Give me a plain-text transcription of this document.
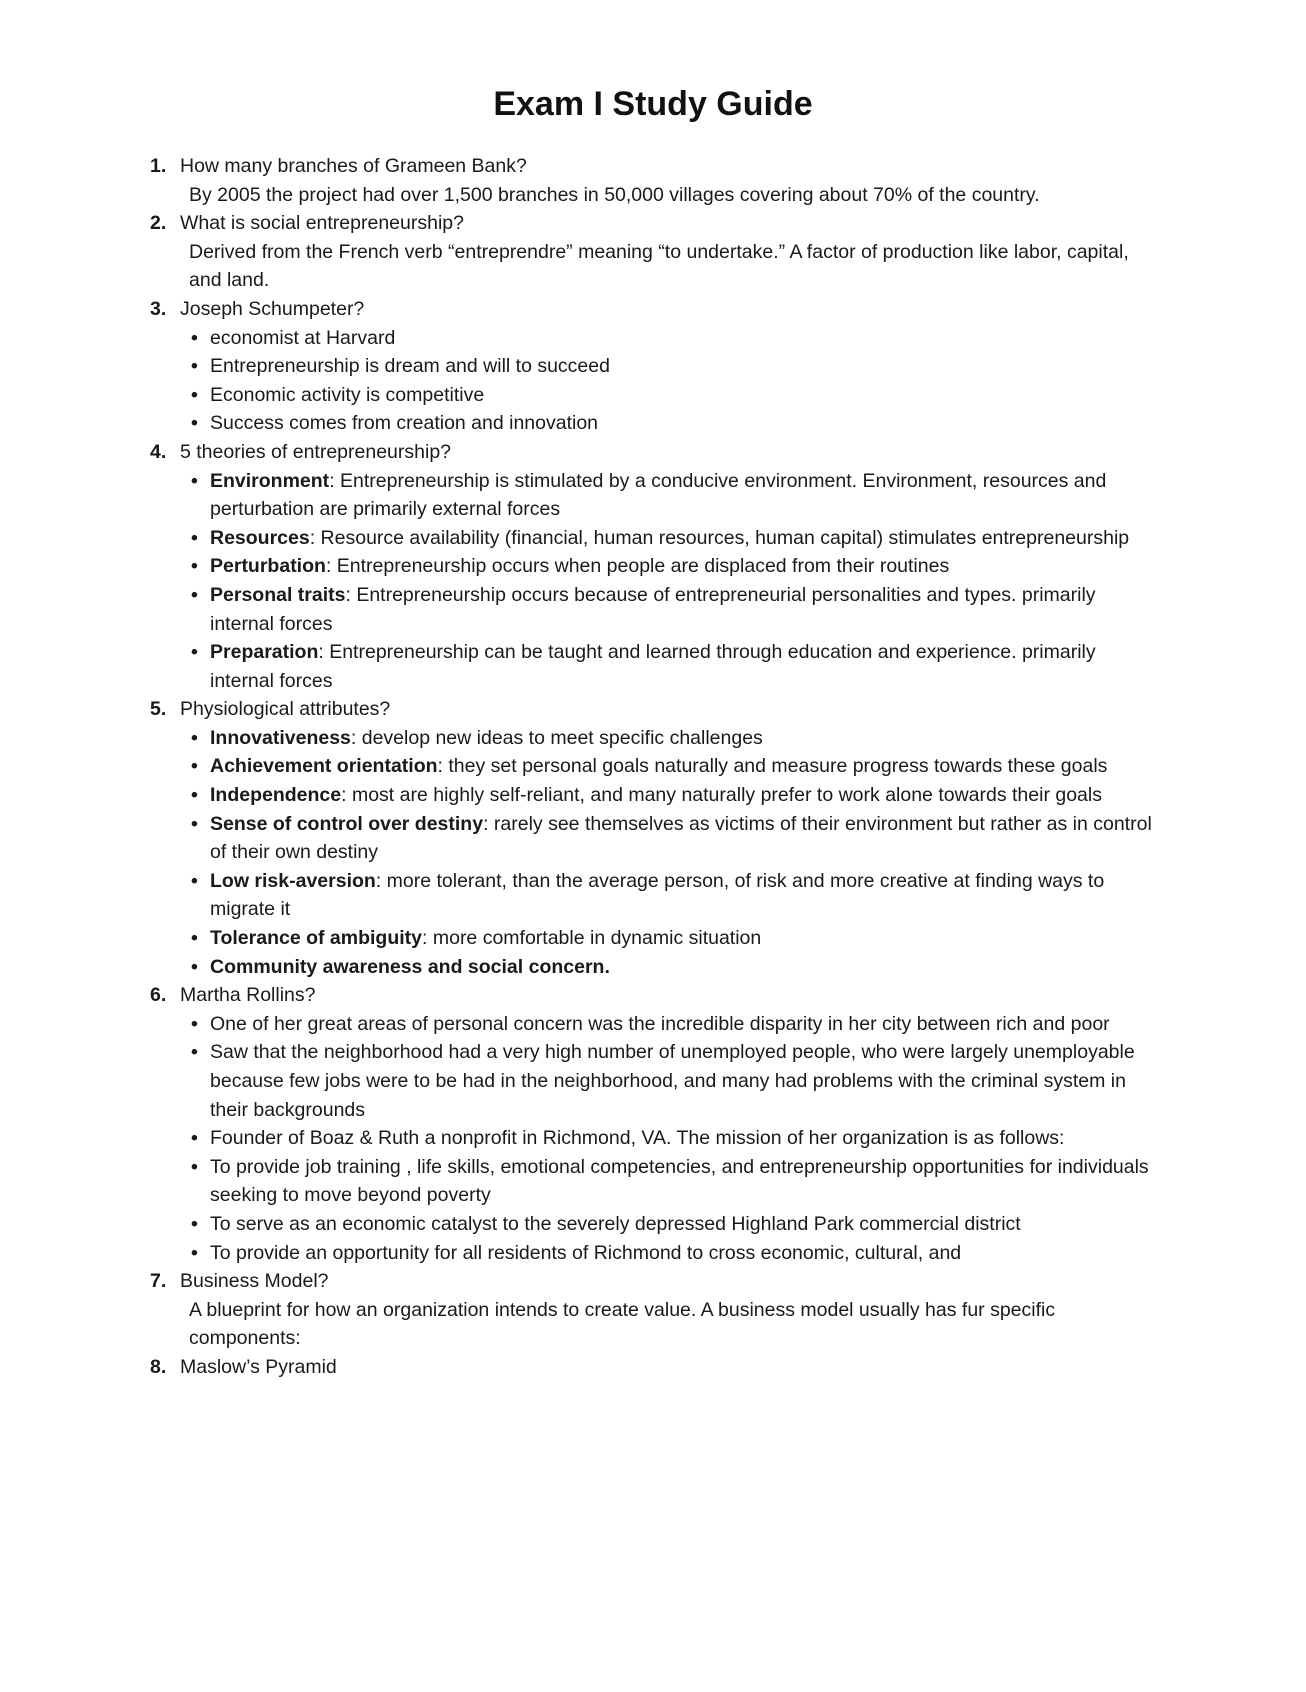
Exam I Study Guide
1. How many branches of Grameen Bank?
By 2005 the project had over 1,500 branches in 50,000 villages covering about 70% of the country.
2. What is social entrepreneurship?
Derived from the French verb “entreprendre” meaning “to undertake.” A factor of production like labor, capital, and land.
3. Joseph Schumpeter?
• economist at Harvard
• Entrepreneurship is dream and will to succeed
• Economic activity is competitive
• Success comes from creation and innovation
4. 5 theories of entrepreneurship?
• Environment: Entrepreneurship is stimulated by a conducive environment. Environment, resources and perturbation are primarily external forces
• Resources: Resource availability (financial, human resources, human capital) stimulates entrepreneurship
• Perturbation: Entrepreneurship occurs when people are displaced from their routines
• Personal traits: Entrepreneurship occurs because of entrepreneurial personalities and types. primarily internal forces
• Preparation: Entrepreneurship can be taught and learned through education and experience. primarily internal forces
5. Physiological attributes?
• Innovativeness: develop new ideas to meet specific challenges
• Achievement orientation: they set personal goals naturally and measure progress towards these goals
• Independence: most are highly self-reliant, and many naturally prefer to work alone towards their goals
• Sense of control over destiny: rarely see themselves as victims of their environment but rather as in control of their own destiny
• Low risk-aversion: more tolerant, than the average person, of risk and more creative at finding ways to migrate it
• Tolerance of ambiguity: more comfortable in dynamic situation
• Community awareness and social concern.
6. Martha Rollins?
• One of her great areas of personal concern was the incredible disparity in her city between rich and poor
• Saw that the neighborhood had a very high number of unemployed people, who were largely unemployable because few jobs were to be had in the neighborhood, and many had problems with the criminal system in their backgrounds
• Founder of Boaz & Ruth a nonprofit in Richmond, VA. The mission of her organization is as follows:
• To provide job training , life skills, emotional competencies, and entrepreneurship opportunities for individuals seeking to move beyond poverty
• To serve as an economic catalyst to the severely depressed Highland Park commercial district
• To provide an opportunity for all residents of Richmond to cross economic, cultural, and
7. Business Model?
A blueprint for how an organization intends to create value. A business model usually has fur specific components:
8. Maslow’s Pyramid
